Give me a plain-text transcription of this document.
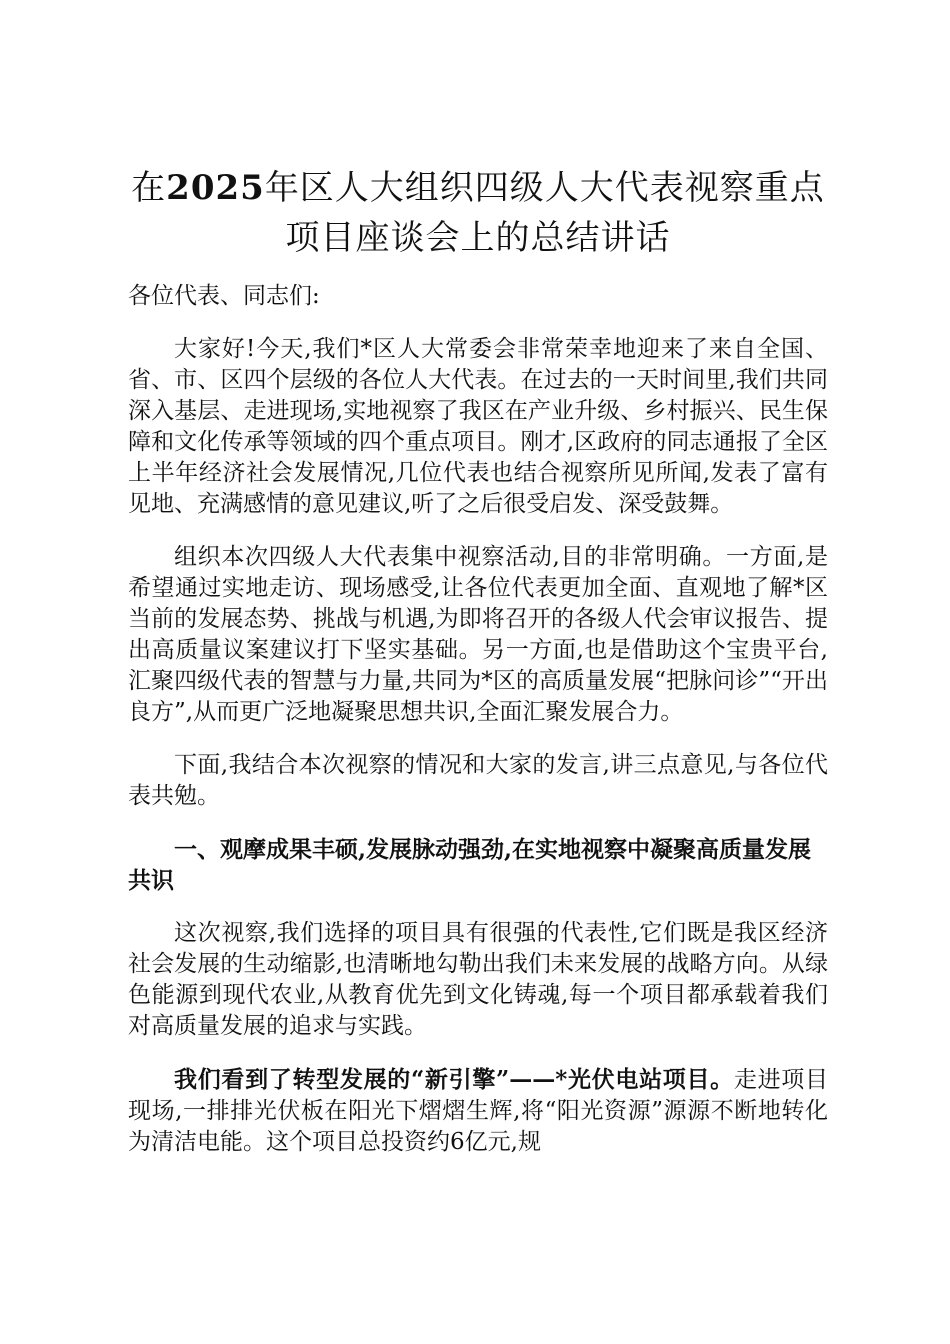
在2025年区人大组织四级人大代表视察重点
项目座谈会上的总结讲话
各位代表、同志们:

大家好!今天,我们*区人大常委会非常荣幸地迎来了来自全国、省、市、区四个层级的各位人大代表。在过去的一天时间里,我们共同深入基层、走进现场,实地视察了我区在产业升级、乡村振兴、民生保障和文化传承等领域的四个重点项目。刚才,区政府的同志通报了全区上半年经济社会发展情况,几位代表也结合视察所见所闻,发表了富有见地、充满感情的意见建议,听了之后很受启发、深受鼓舞。

组织本次四级人大代表集中视察活动,目的非常明确。一方面,是希望通过实地走访、现场感受,让各位代表更加全面、直观地了解*区当前的发展态势、挑战与机遇,为即将召开的各级人代会审议报告、提出高质量议案建议打下坚实基础。另一方面,也是借助这个宝贵平台,汇聚四级代表的智慧与力量,共同为*区的高质量发展“把脉问诊”“开出良方”,从而更广泛地凝聚思想共识,全面汇聚发展合力。

下面,我结合本次视察的情况和大家的发言,讲三点意见,与各位代表共勉。

一、观摩成果丰硕,发展脉动强劲,在实地视察中凝聚高质量发展共识

这次视察,我们选择的项目具有很强的代表性,它们既是我区经济社会发展的生动缩影,也清晰地勾勒出我们未来发展的战略方向。从绿色能源到现代农业,从教育优先到文化铸魂,每一个项目都承载着我们对高质量发展的追求与实践。

我们看到了转型发展的“新引擎”——*光伏电站项目。走进项目现场,一排排光伏板在阳光下熠熠生辉,将“阳光资源”源源不断地转化为清洁电能。这个项目总投资约6亿元,规
